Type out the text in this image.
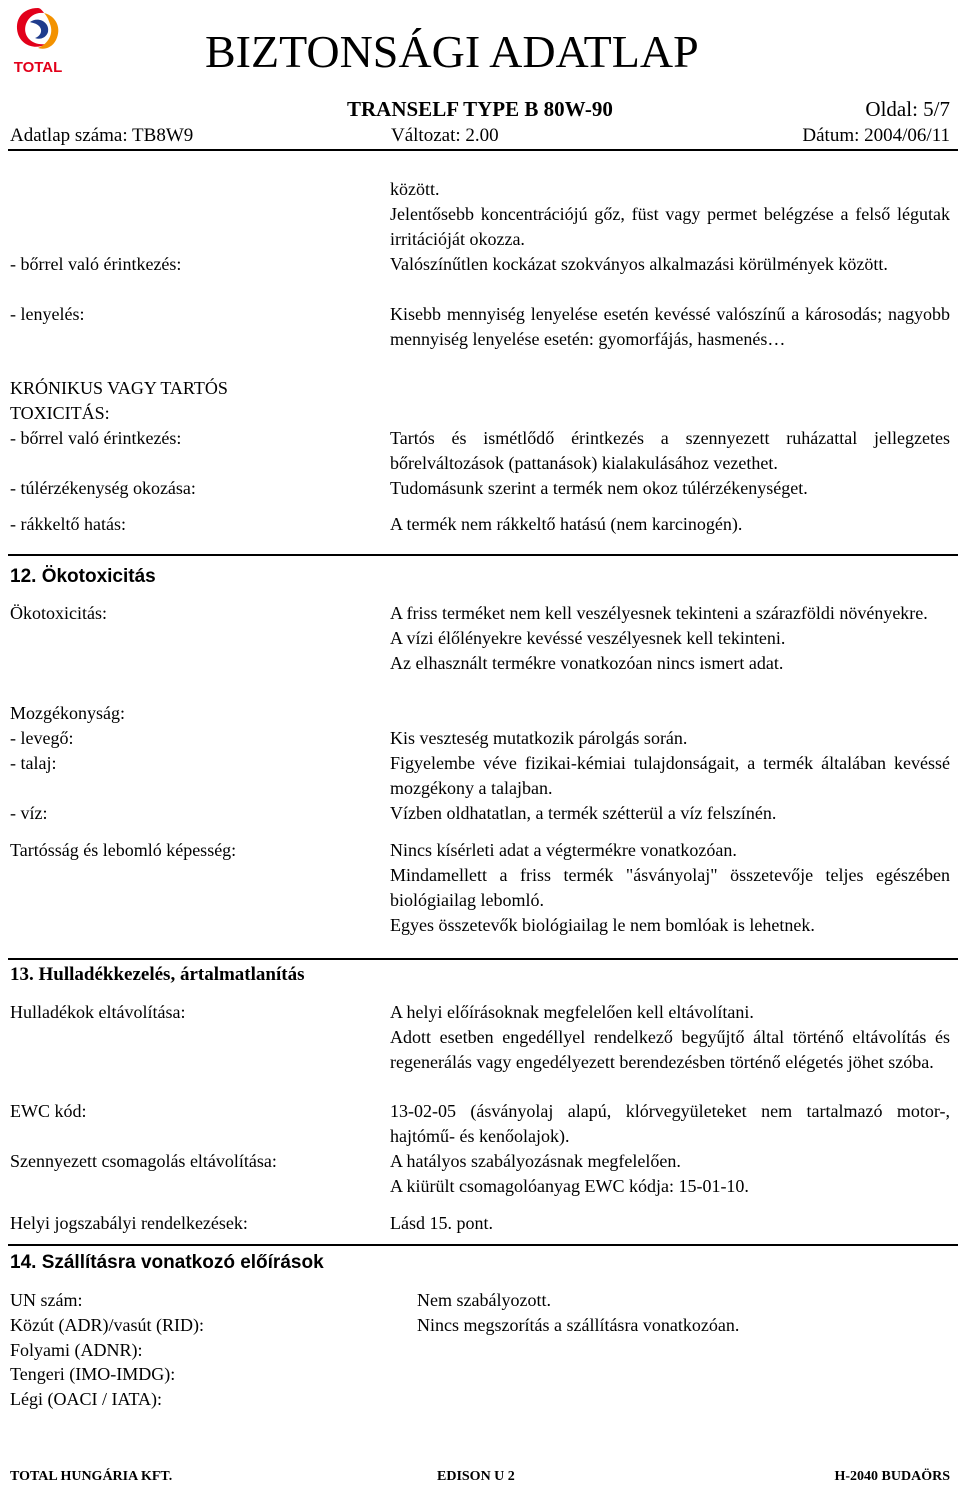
TOTAL	BIZTONSÁGI ADATLAP
TRANSELF TYPE B 80W-90	Oldal: 5/7
Adatlap száma: TB8W9	Változat: 2.00	Dátum: 2004/06/11
között.
Jelentősebb koncentrációjú gőz, füst vagy permet belégzése a felső légutak irritációját okozza.
- bőrrel való érintkezés:	Valószínűtlen kockázat szokványos alkalmazási körülmények között.
- lenyelés:	Kisebb mennyiség lenyelése esetén kevéssé valószínű a károsodás; nagyobb mennyiség lenyelése esetén: gyomorfájás, hasmenés…
KRÓNIKUS VAGY TARTÓS
TOXICITÁS:
- bőrrel való érintkezés:	Tartós és ismétlődő érintkezés a szennyezett ruházattal jellegzetes bőrelváltozások (pattanások) kialakulásához vezethet.
- túlérzékenység okozása:	Tudomásunk szerint a termék nem okoz túlérzékenységet.
- rákkeltő hatás:	A termék nem rákkeltő hatású (nem karcinogén).
12. Ökotoxicitás
Ökotoxicitás:	A friss terméket nem kell veszélyesnek tekinteni a szárazföldi növényekre.
A vízi élőlényekre kevéssé veszélyesnek kell tekinteni.
Az elhasznált termékre vonatkozóan nincs ismert adat.
Mozgékonyság:
- levegő:	Kis veszteség mutatkozik párolgás során.
- talaj:	Figyelembe véve fizikai-kémiai tulajdonságait, a termék általában kevéssé mozgékony a talajban.
- víz:	Vízben oldhatatlan, a termék szétterül a víz felszínén.
Tartósság és lebomló képesség:	Nincs kísérleti adat a végtermékre vonatkozóan.
Mindamellett a friss termék "ásványolaj" összetevője teljes egészében biológiailag lebomló.
Egyes összetevők biológiailag le nem bomlóak is lehetnek.
13. Hulladékkezelés, ártalmatlanítás
Hulladékok eltávolítása:	A helyi előírásoknak megfelelően kell eltávolítani.
Adott esetben engedéllyel rendelkező begyűjtő által történő eltávolítás és regenerálás vagy engedélyezett berendezésben történő elégetés jöhet szóba.
EWC kód:	13-02-05 (ásványolaj alapú, klórvegyületeket nem tartalmazó motor-, hajtómű- és kenőolajok).
Szennyezett csomagolás eltávolítása:	A hatályos szabályozásnak megfelelően.
A kiürült csomagolóanyag EWC kódja: 15-01-10.
Helyi jogszabályi rendelkezések:	Lásd 15. pont.
14. Szállításra vonatkozó előírások
UN szám:	Nem szabályozott.
Közút (ADR)/vasút (RID):	Nincs megszorítás a szállításra vonatkozóan.
Folyami (ADNR):
Tengeri (IMO-IMDG):
Légi (OACI / IATA):
TOTAL HUNGÁRIA KFT.	EDISON U 2	H-2040 BUDAÖRS
